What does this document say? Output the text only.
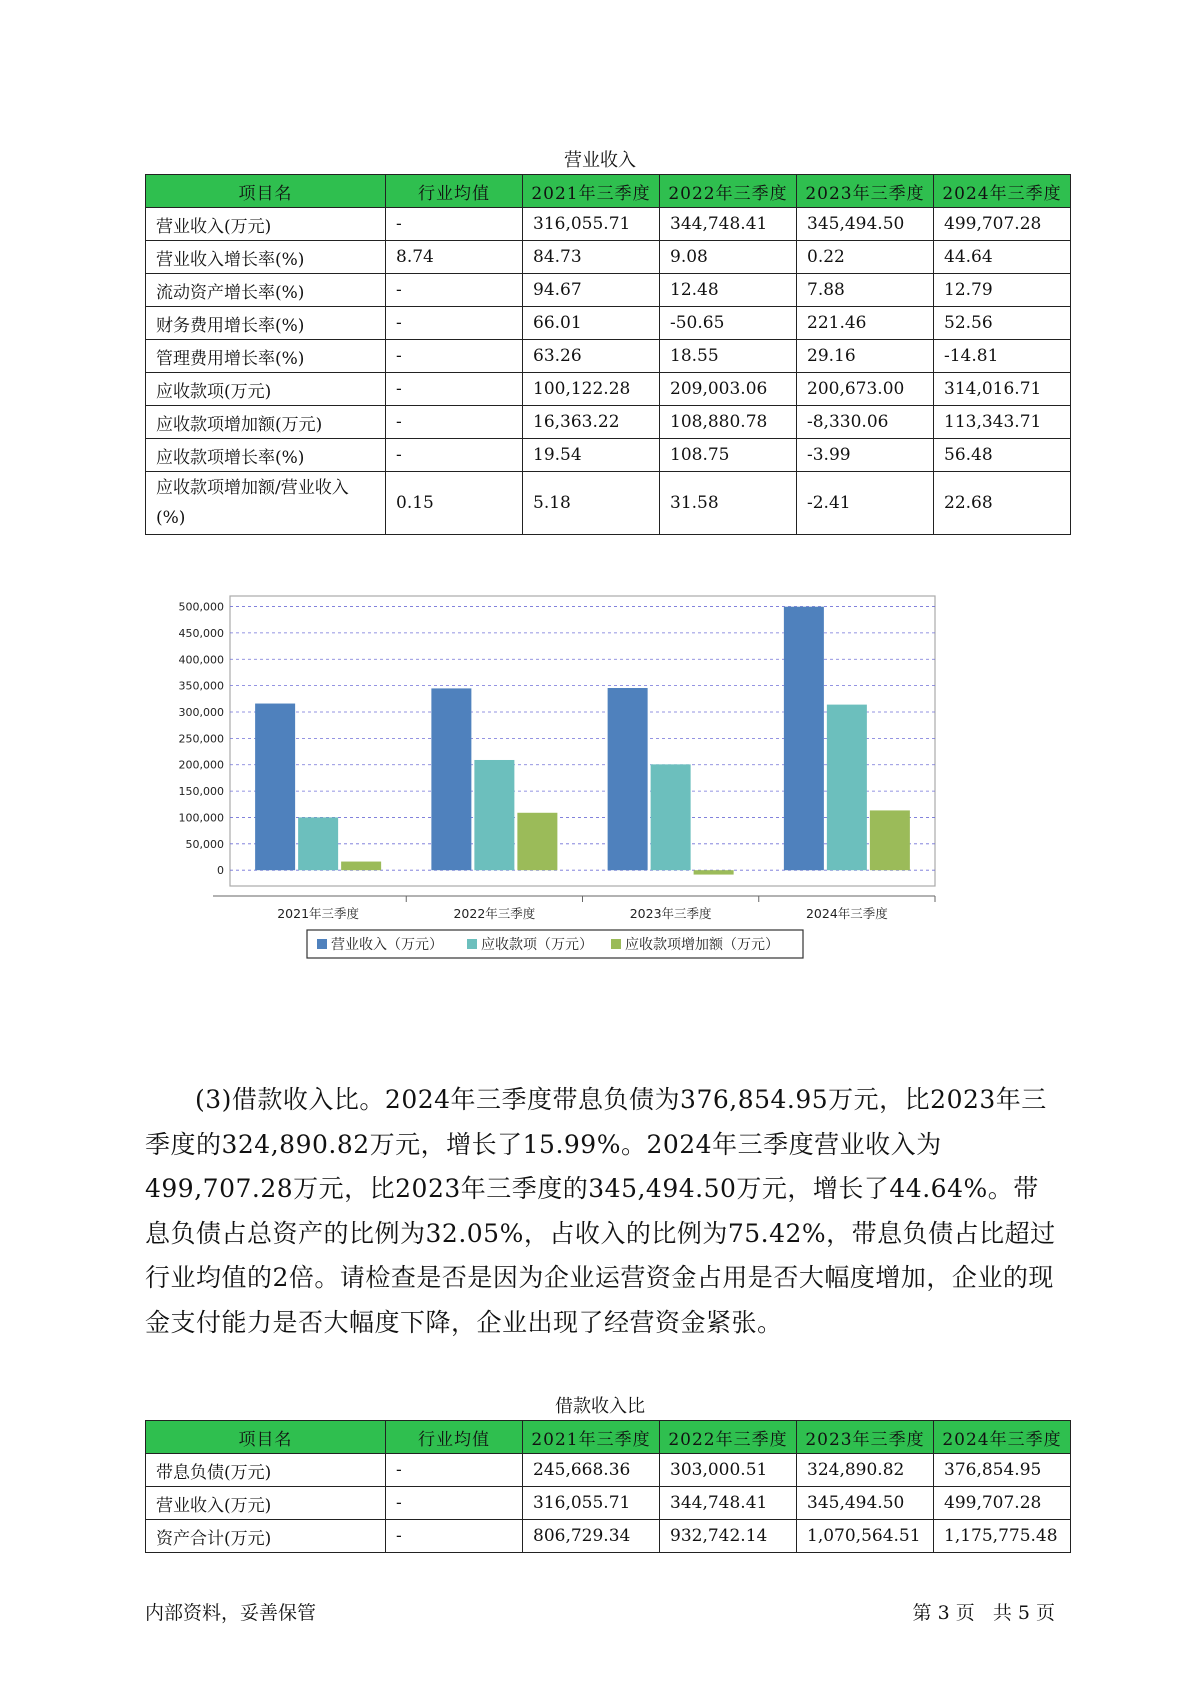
营业收入
项目名	行业均值	2021年三季度	2022年三季度	2023年三季度	2024年三季度
营业收入(万元)	-	316,055.71	344,748.41	345,494.50	499,707.28
营业收入增长率(%)	8.74	84.73	9.08	0.22	44.64
流动资产增长率(%)	-	94.67	12.48	7.88	12.79
财务费用增长率(%)	-	66.01	-50.65	221.46	52.56
管理费用增长率(%)	-	63.26	18.55	29.16	-14.81
应收款项(万元)	-	100,122.28	209,003.06	200,673.00	314,016.71
应收款项增加额(万元)	-	16,363.22	108,880.78	-8,330.06	113,343.71
应收款项增长率(%)	-	19.54	108.75	-3.99	56.48
应收款项增加额/营业收入(%)	0.15	5.18	31.58	-2.41	22.68
0
50,000
100,000
150,000
200,000
250,000
300,000
350,000
400,000
450,000
500,000
2021年三季度	2022年三季度	2023年三季度	2024年三季度
营业收入（万元）	应收款项（万元） 应收款项增加额（万元）
(3)借款收入比。2024年三季度带息负债为376,854.95万元，比2023年三季度的324,890.82万元，增长了15.99%。2024年三季度营业收入为499,707.28万元，比2023年三季度的345,494.50万元，增长了44.64%。带息负债占总资产的比例为32.05%，占收入的比例为75.42%，带息负债占比超过行业均值的2倍。请检查是否是因为企业运营资金占用是否大幅度增加，企业的现金支付能力是否大幅度下降，企业出现了经营资金紧张。
借款收入比
项目名	行业均值	2021年三季度	2022年三季度	2023年三季度	2024年三季度
带息负债(万元)	-	245,668.36	303,000.51	324,890.82	376,854.95
营业收入(万元)	-	316,055.71	344,748.41	345,494.50	499,707.28
资产合计(万元)	-	806,729.34	932,742.14	1,070,564.51	1,175,775.48
内部资料，妥善保管	第 3 页   共 5 页
